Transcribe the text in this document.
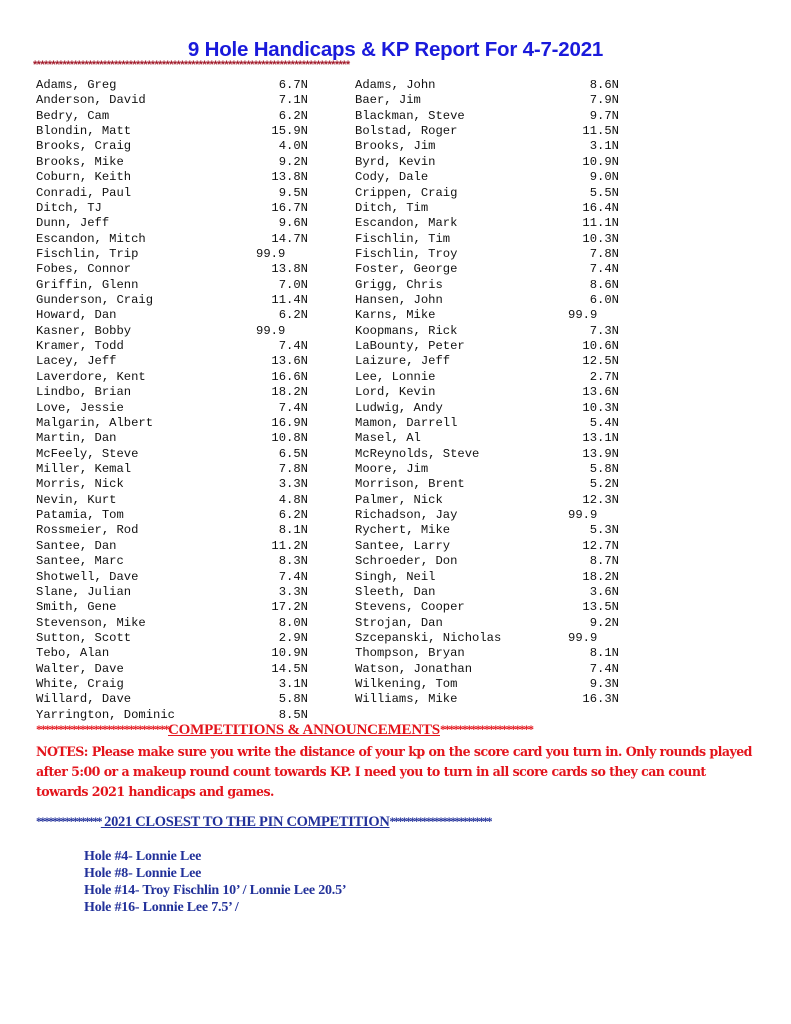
9 Hole Handicaps & KP Report For 4-7-2021
**************************************************************************************
Adams, Greg	6.7N
Anderson, David	7.1N
Bedry, Cam	6.2N
Blondin, Matt	15.9N
Brooks, Craig	4.0N
Brooks, Mike	9.2N
Coburn, Keith	13.8N
Conradi, Paul	9.5N
Ditch, TJ	16.7N
Dunn, Jeff	9.6N
Escandon, Mitch	14.7N
Fischlin, Trip	99.9
Fobes, Connor	13.8N
Griffin, Glenn	7.0N
Gunderson, Craig	11.4N
Howard, Dan	6.2N
Kasner, Bobby	99.9
Kramer, Todd	7.4N
Lacey, Jeff	13.6N
Laverdore, Kent	16.6N
Lindbo, Brian	18.2N
Love, Jessie	7.4N
Malgarin, Albert	16.9N
Martin, Dan	10.8N
McFeely, Steve	6.5N
Miller, Kemal	7.8N
Morris, Nick	3.3N
Nevin, Kurt	4.8N
Patamia, Tom	6.2N
Rossmeier, Rod	8.1N
Santee, Dan	11.2N
Santee, Marc	8.3N
Shotwell, Dave	7.4N
Slane, Julian	3.3N
Smith, Gene	17.2N
Stevenson, Mike	8.0N
Sutton, Scott	2.9N
Tebo, Alan	10.9N
Walter, Dave	14.5N
White, Craig	3.1N
Willard, Dave	5.8N
Yarrington, Dominic	8.5N
Adams, John	8.6N
Baer, Jim	7.9N
Blackman, Steve	9.7N
Bolstad, Roger	11.5N
Brooks, Jim	3.1N
Byrd, Kevin	10.9N
Cody, Dale	9.0N
Crippen, Craig	5.5N
Ditch, Tim	16.4N
Escandon, Mark	11.1N
Fischlin, Tim	10.3N
Fischlin, Troy	7.8N
Foster, George	7.4N
Grigg, Chris	8.6N
Hansen, John	6.0N
Karns, Mike	99.9
Koopmans, Rick	7.3N
LaBounty, Peter	10.6N
Laizure, Jeff	12.5N
Lee, Lonnie	2.7N
Lord, Kevin	13.6N
Ludwig, Andy	10.3N
Mamon, Darrell	5.4N
Masel, Al	13.1N
McReynolds, Steve	13.9N
Moore, Jim	5.8N
Morrison, Brent	5.2N
Palmer, Nick	12.3N
Richadson, Jay	99.9
Rychert, Mike	5.3N
Santee, Larry	12.7N
Schroeder, Don	8.7N
Singh, Neil	18.2N
Sleeth, Dan	3.6N
Stevens, Cooper	13.5N
Strojan, Dan	9.2N
Szcepanski, Nicholas	99.9
Thompson, Bryan	8.1N
Watson, Jonathan	7.4N
Wilkening, Tom	9.3N
Williams, Mike	16.3N
******************************COMPETITIONS & ANNOUNCEMENTS*********************
NOTES: Please make sure you write the distance of your kp on the score card you turn in. Only rounds played after 5:00 or a makeup round count towards KP. I need you to turn in all score cards so they can count towards 2021 handicaps and games.
**************** 2021 CLOSEST TO THE PIN COMPETITION*************************
Hole #4- Lonnie Lee
Hole #8- Lonnie Lee
Hole #14- Troy Fischlin 10’ / Lonnie Lee 20.5’
Hole #16- Lonnie Lee 7.5’ /
